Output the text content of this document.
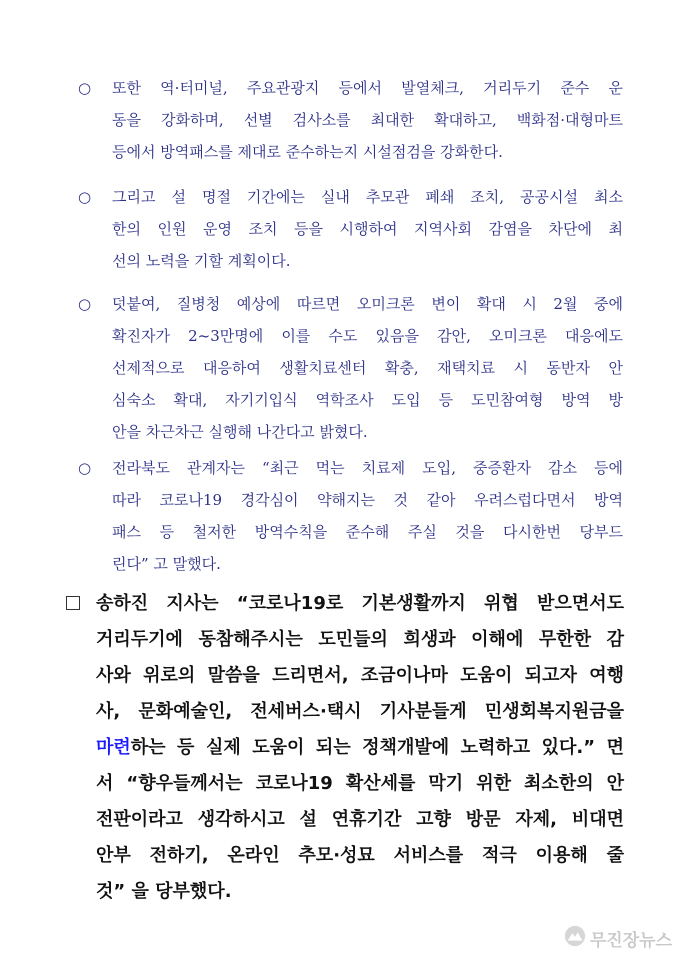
○	또한 역·터미널, 주요관광지 등에서 발열체크, 거리두기 준수 운
동을 강화하며, 선별 검사소를 최대한 확대하고, 백화점·대형마트
등에서 방역패스를 제대로 준수하는지 시설점검을 강화한다.
○	그리고 설 명절 기간에는 실내 추모관 폐쇄 조치, 공공시설 최소
한의 인원 운영 조치 등을 시행하여 지역사회 감염을 차단에 최
선의 노력을 기할 계획이다.
○	덧붙여, 질병청 예상에 따르면 오미크론 변이 확대 시 2월 중에
확진자가 2~3만명에 이를 수도 있음을 감안, 오미크론 대응에도
선제적으로 대응하여 생활치료센터 확충, 재택치료 시 동반자 안
심숙소 확대, 자기기입식 역학조사 도입 등 도민참여형 방역 방
안을 차근차근 실행해 나간다고 밝혔다.
○	전라북도 관계자는 “최근 먹는 치료제 도입, 중증환자 감소 등에
따라 코로나19 경각심이 약해지는 것 같아 우려스럽다면서 방역
패스 등 철저한 방역수칙을 준수해 주실 것을 다시한번 당부드
린다” 고 말했다.
송하진 지사는 “코로나19로 기본생활까지 위협 받으면서도
거리두기에 동참해주시는 도민들의 희생과 이해에 무한한 감
사와 위로의 말씀을 드리면서, 조금이나마 도움이 되고자 여행
사, 문화예술인, 전세버스·택시 기사분들게 민생회복지원금을
마련하는 등 실제 도움이 되는 정책개발에 노력하고 있다.” 면
서 “향우들께서는 코로나19 확산세를 막기 위한 최소한의 안
전판이라고 생각하시고 설 연휴기간 고향 방문 자제, 비대면
안부 전하기, 온라인 추모·성묘 서비스를 적극 이용해 줄
것” 을 당부했다.
무진장뉴스
